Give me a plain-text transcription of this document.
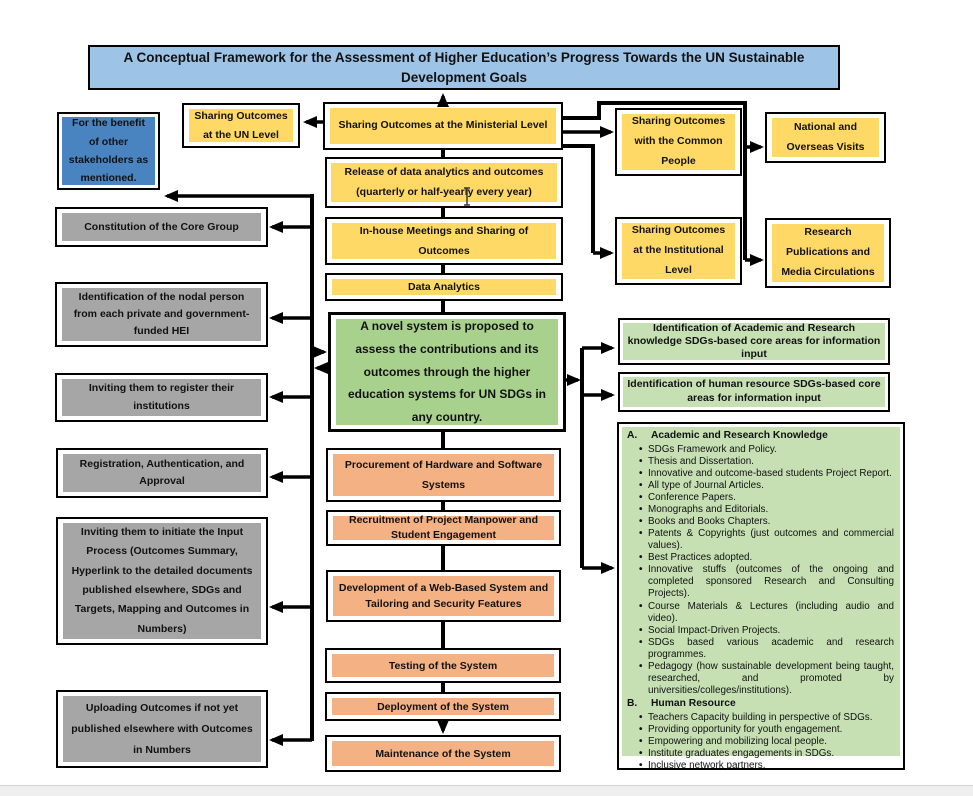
A Conceptual Framework for the Assessment of Higher Education’s Progress Towards the UN Sustainable Development Goals
Sharing Outcomes at the Ministerial Level
Release of data analytics and outcomes (quarterly or half-yearly every year)
In-house Meetings and Sharing of Outcomes
Data Analytics
A novel system is proposed to assess the contributions and its outcomes through the higher education systems for UN SDGs in any country.
Procurement of Hardware and Software Systems
Recruitment of Project Manpower and Student Engagement
Development of a Web-Based System and Tailoring and Security Features
Testing of the System
Deployment of the System
Maintenance of the System
For the benefit of other stakeholders as mentioned.
Sharing Outcomes at the UN Level
Constitution of the Core Group
Identification of the nodal person from each private and government-funded HEI
Inviting them to register their institutions
Registration, Authentication, and Approval
Inviting them to initiate the Input Process (Outcomes Summary, Hyperlink to the detailed documents published elsewhere, SDGs and Targets, Mapping and Outcomes in Numbers)
Uploading Outcomes if not yet published elsewhere with Outcomes in Numbers
Sharing Outcomes with the Common People
National and Overseas Visits
Sharing Outcomes at the Institutional Level
Research Publications and Media Circulations
Identification of Academic and Research knowledge SDGs-based core areas for information input
Identification of human resource SDGs-based core areas for information input
A. Academic and Research Knowledge
• SDGs Framework and Policy.
• Thesis and Dissertation.
• Innovative and outcome-based students Project Report.
• All type of Journal Articles.
• Conference Papers.
• Monographs and Editorials.
• Books and Books Chapters.
• Patents & Copyrights (just outcomes and commercial values).
• Best Practices adopted.
• Innovative stuffs (outcomes of the ongoing and completed sponsored Research and Consulting Projects).
• Course Materials & Lectures (including audio and video).
• Social Impact-Driven Projects.
• SDGs based various academic and research programmes.
• Pedagogy (how sustainable development being taught, researched, and promoted by universities/colleges/institutions).
B. Human Resource
• Teachers Capacity building in perspective of SDGs.
• Providing opportunity for youth engagement.
• Empowering and mobilizing local people.
• Institute graduates engagements in SDGs.
• Inclusive network partners.
